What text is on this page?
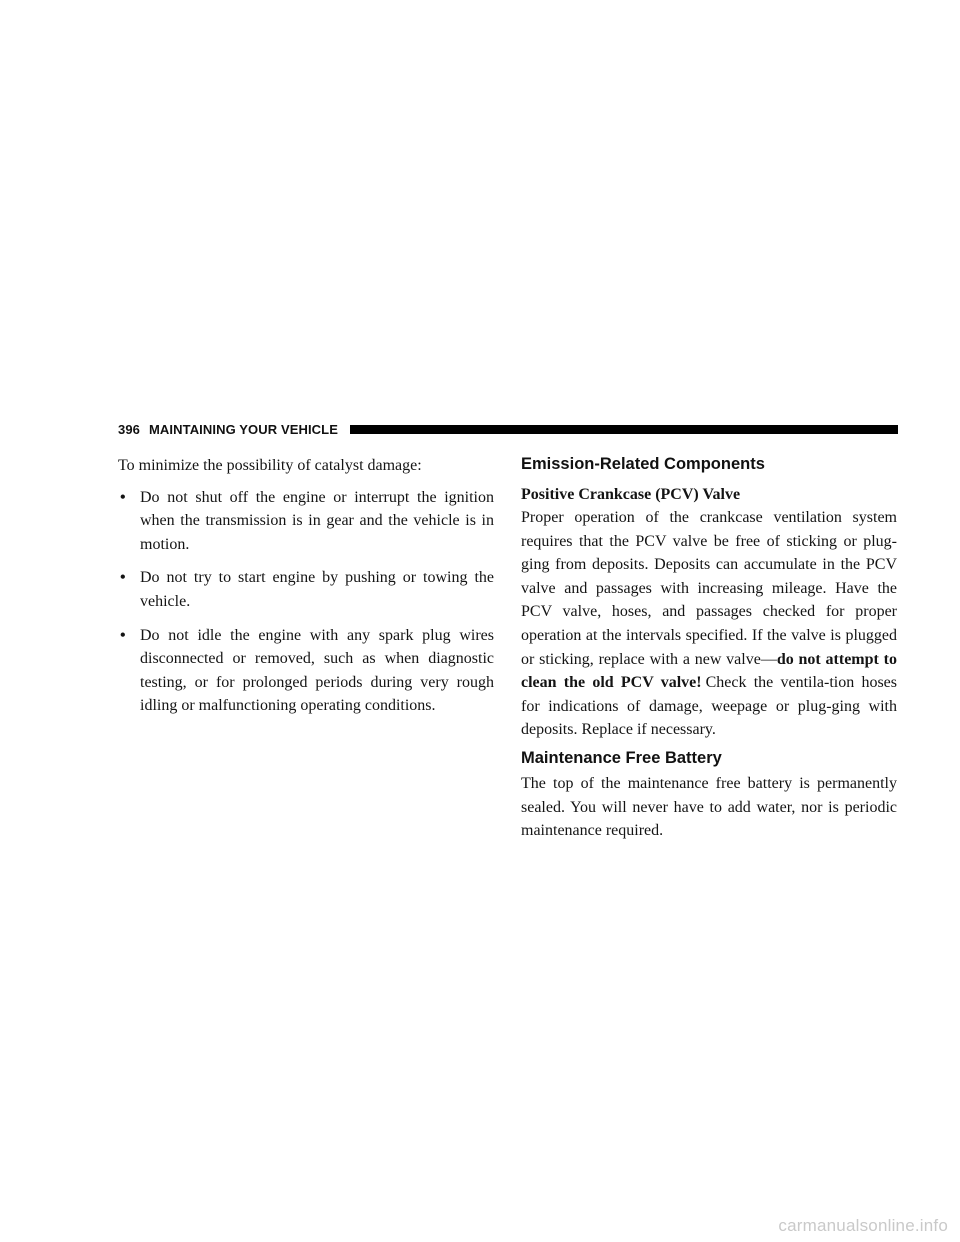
396 MAINTAINING YOUR VEHICLE

To minimize the possibility of catalyst damage:

• Do not shut off the engine or interrupt the ignition when the transmission is in gear and the vehicle is in motion.
• Do not try to start engine by pushing or towing the vehicle.
• Do not idle the engine with any spark plug wires disconnected or removed, such as when diagnostic testing, or for prolonged periods during very rough idling or malfunctioning operating conditions.
Emission-Related Components
Positive Crankcase (PCV) Valve

Proper operation of the crankcase ventilation system requires that the PCV valve be free of sticking or plug-ging from deposits. Deposits can accumulate in the PCV valve and passages with increasing mileage. Have the PCV valve, hoses, and passages checked for proper operation at the intervals specified. If the valve is plugged or sticking, replace with a new valve—do not attempt to clean the old PCV valve! Check the ventila-tion hoses for indications of damage, weepage or plug-ging with deposits. Replace if necessary.

Maintenance Free Battery

The top of the maintenance free battery is permanently sealed. You will never have to add water, nor is periodic maintenance required.

carmanualsonline.info
